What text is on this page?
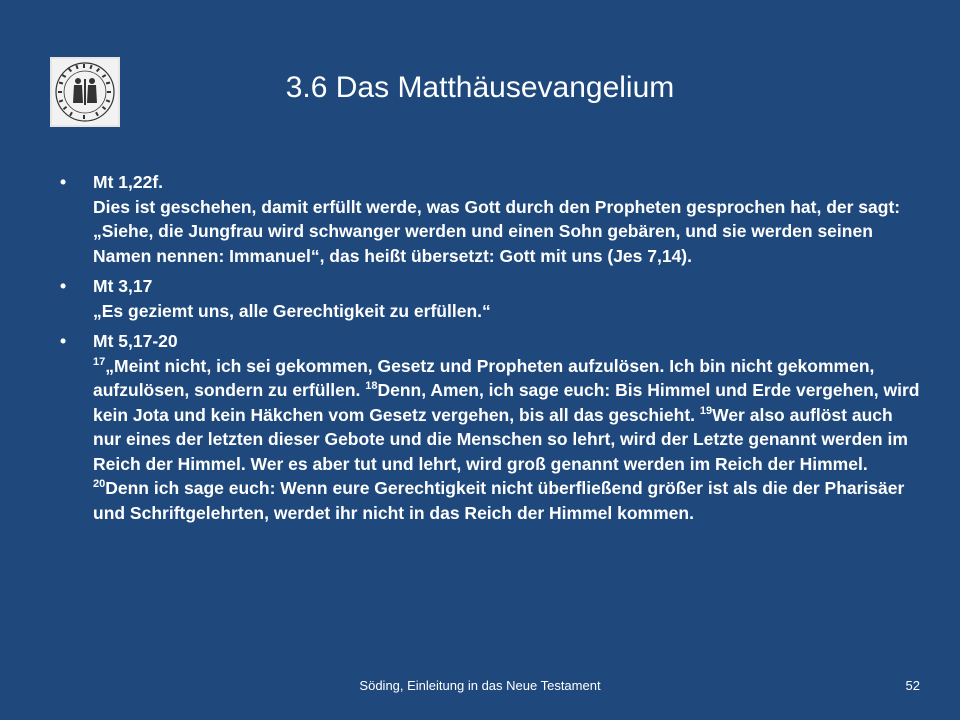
3.6 Das Matthäusevangelium
• Mt 1,22f.

Dies ist geschehen, damit erfüllt werde, was Gott durch den Propheten gesprochen hat, der sagt: „Siehe, die Jungfrau wird schwanger werden und einen Sohn gebären, und sie werden seinen Namen nennen: Immanuel“, das heißt übersetzt: Gott mit uns (Jes 7,14).

• Mt 3,17

„Es geziemt uns, alle Gerechtigkeit zu erfüllen.“

• Mt 5,17-20

$^{17}$„Meint nicht, ich sei gekommen, Gesetz und Propheten aufzulösen. Ich bin nicht gekommen, aufzulösen, sondern zu erfüllen. $^{18}$Denn, Amen, ich sage euch: Bis Himmel und Erde vergehen, wird kein Jota und kein Häkchen vom Gesetz vergehen, bis all das geschieht. $^{19}$Wer also auflöst auch nur eines der letzten dieser Gebote und die Menschen so lehrt, wird der Letzte genannt werden im Reich der Himmel. Wer es aber tut und lehrt, wird groß genannt werden im Reich der Himmel. $^{20}$Denn ich sage euch: Wenn eure Gerechtigkeit nicht überfließend größer ist als die der Pharisäer und Schriftgelehrten, werdet ihr nicht in das Reich der Himmel kommen.

Söding, Einleitung in das Neue Testament	52
